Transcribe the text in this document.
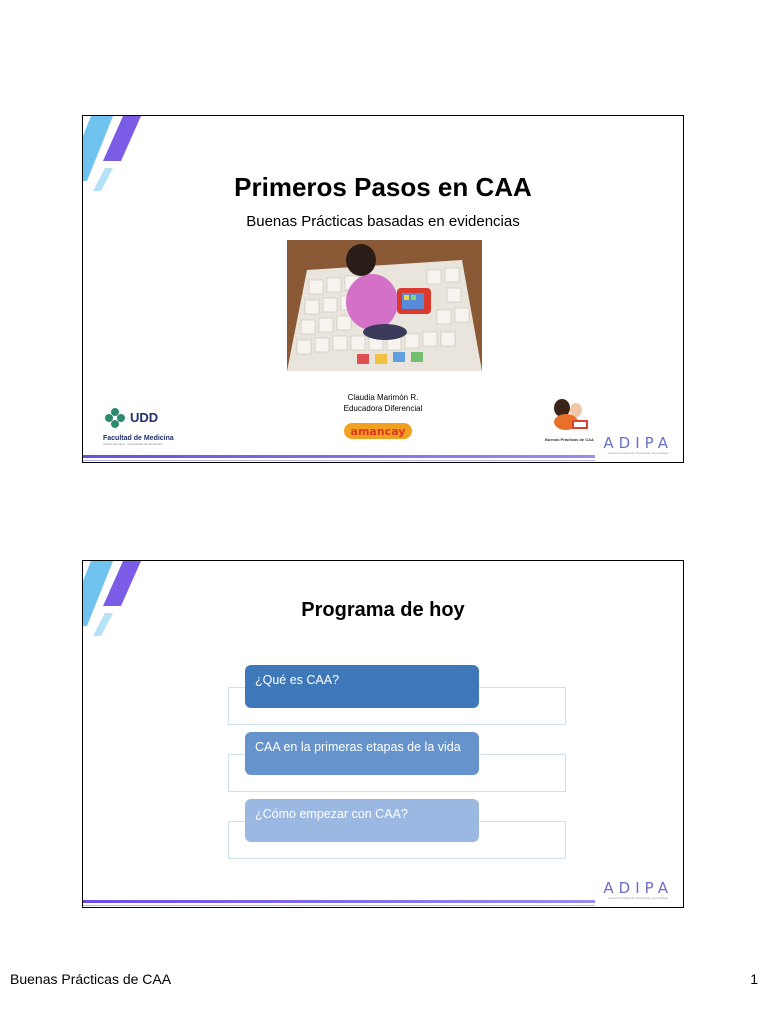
Primeros Pasos en CAA
Buenas Prácticas basadas en evidencias
Claudia Marimón R.
Educadora Diferencial
UDD
Facultad de Medicina
Clínica Alemana · Universidad del Desarrollo
amancay
Buenas Prácticas de CAA ADIPA
Academia Digital de Psicología y Aprendizaje
Programa de hoy
¿Qué es CAA?
CAA en la primeras etapas de la vida
¿Cómo empezar con CAA?
ADIPA
Academia Digital de Psicología y Aprendizaje
Buenas Prácticas de CAA	1
